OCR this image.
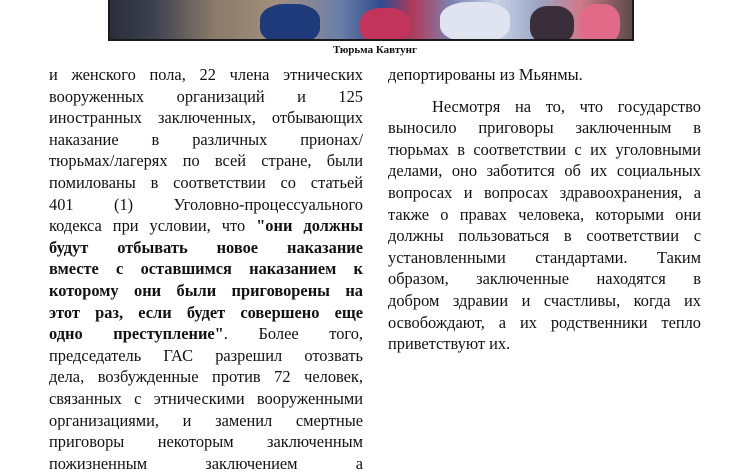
Тюрьма Кавтунг
и женского пола, 22 члена этнических
вооруженных организаций и 125
иностранных заключенных, отбывающих
наказание в различных прионах/
тюрьмах/лагерях по всей стране, были
помилованы в соответствии со статьей
401 (1) Уголовно-процессуального
кодекса при условии, что "они должны
будут отбывать новое наказание
вместе с оставшимся наказанием к
которому они были приговорены на
этот раз, если будет совершено еще
одно преступление". Более того,
председатель ГАС разрешил отозвать
дела, возбужденные против 72 человек,
связанных с этническими вооруженными
организациями, и заменил смертные
приговоры некоторым заключенным
пожизненным заключением а
депортированы из Мьянмы.
Несмотря на то, что государство
выносило приговоры заключенным в
тюрьмах в соответствии с их уголовными
делами, оно заботится об их социальных
вопросах и вопросах здравоохранения, а
также о правах человека, которыми они
должны пользоваться в соответствии с
установленными стандартами. Таким
образом, заключенные находятся в
добром здравии и счастливы, когда их
освобождают, а их родственники тепло
приветствуют их.
